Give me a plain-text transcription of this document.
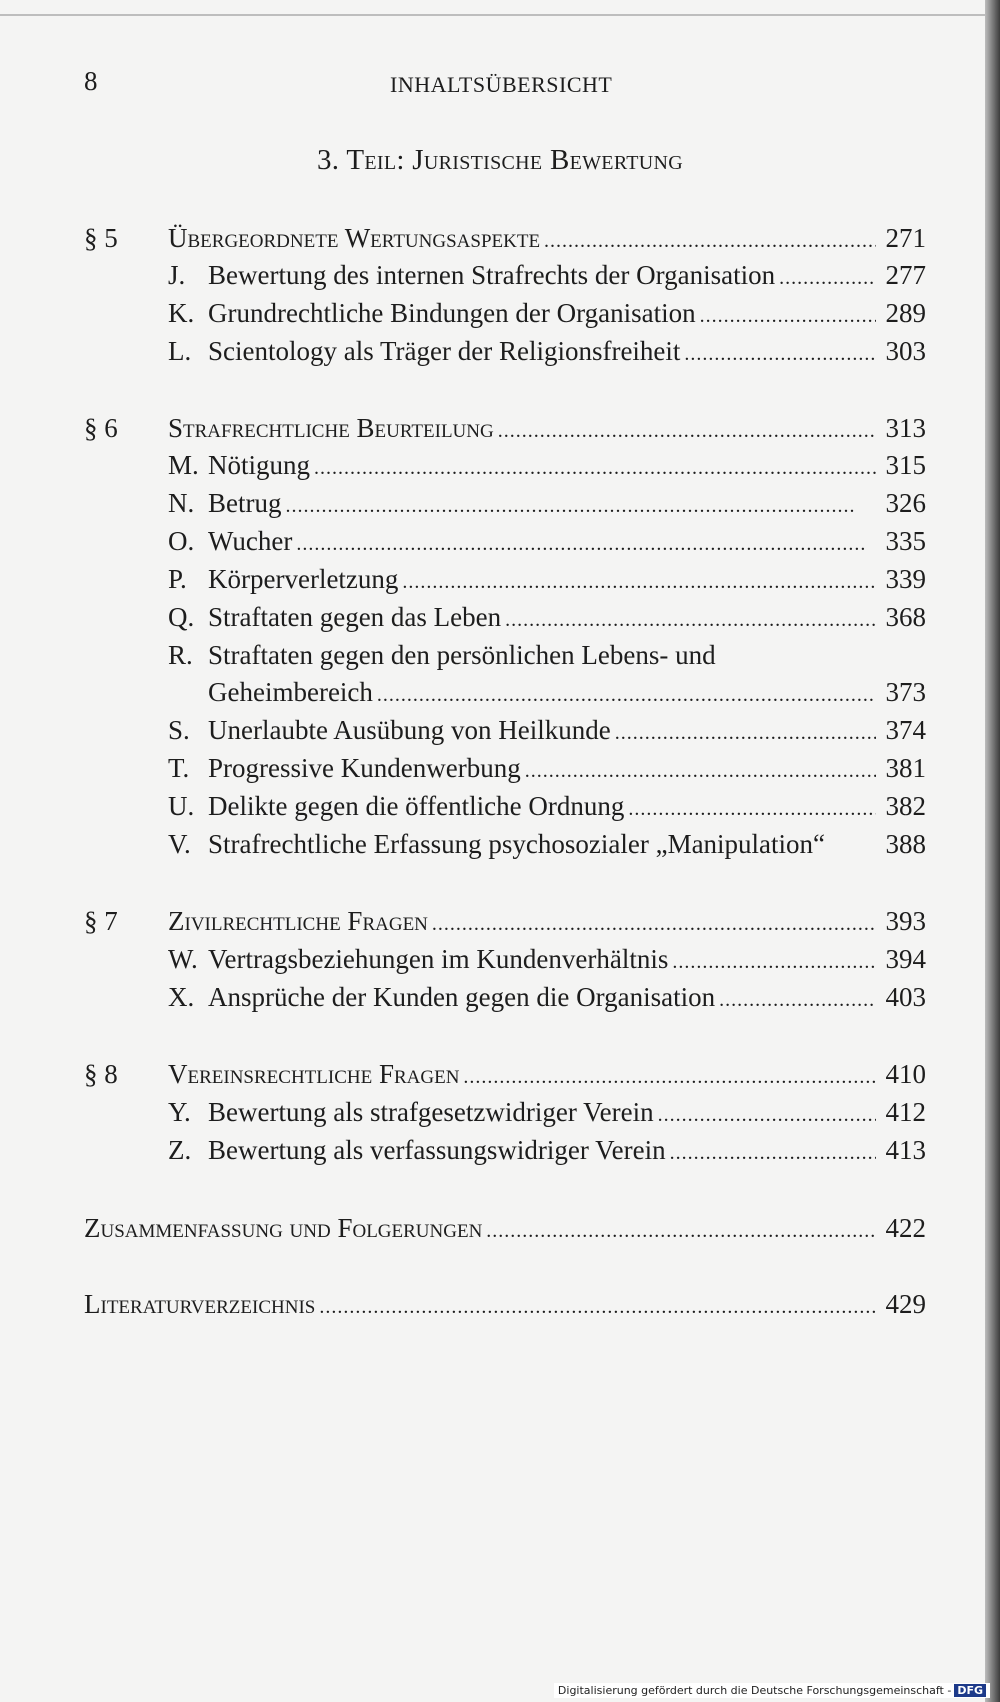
8	INHALTSÜBERSICHT
3. Teil: Juristische Bewertung
§ 5 Übergeordnete Wertungsaspekte . . .	271
J. Bewertung des internen Strafrechts der Organisation . . .	277
K. Grundrechtliche Bindungen der Organisation . . .	289
L. Scientology als Träger der Religionsfreiheit . . .	303
§ 6 Strafrechtliche Beurteilung . . .	313
M. Nötigung . . .	315
N. Betrug . . .	326
O. Wucher . . .	335
P. Körperverletzung . . .	339
Q. Straftaten gegen das Leben . . .	368
R. Straftaten gegen den persönlichen Lebens- und
Geheimbereich . . .	373
S. Unerlaubte Ausübung von Heilkunde . . .	374
T. Progressive Kundenwerbung . . .	381
U. Delikte gegen die öffentliche Ordnung . . .	382
V. Strafrechtliche Erfassung psychosozialer „Manipulation“ 388
§ 7 Zivilrechtliche Fragen . . .	393
W. Vertragsbeziehungen im Kundenverhältnis . . .	394
X. Ansprüche der Kunden gegen die Organisation . . .	403
§ 8 Vereinsrechtliche Fragen . . .	410
Y. Bewertung als strafgesetzwidriger Verein . . .	412
Z. Bewertung als verfassungswidriger Verein . . .	413
Zusammenfassung und Folgerungen . . .	422
Literaturverzeichnis . . .	429
Digitalisierung gefördert durch die Deutsche Forschungsgemeinschaft - DFG
